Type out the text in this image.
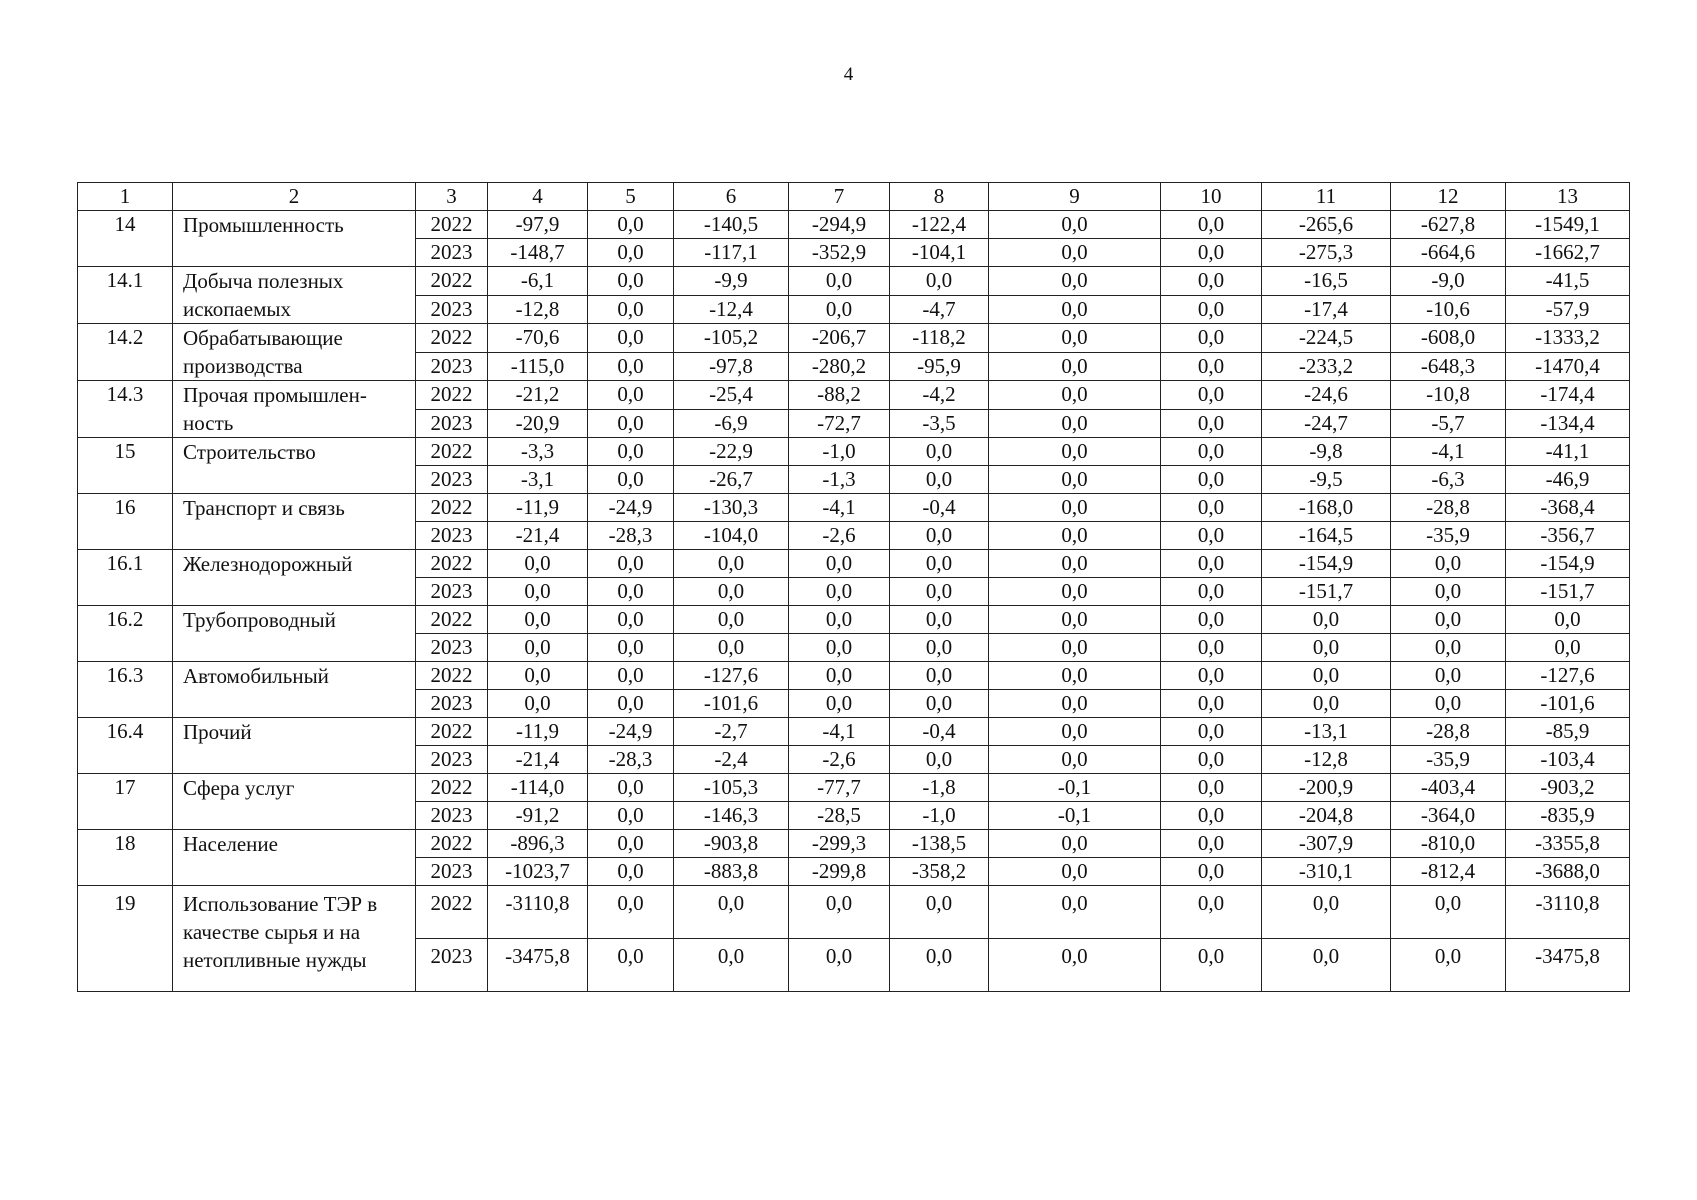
4
1	2	3	4	5	6	7	8	9	10	11	12	13
14	Промышленность	2022	-97,9	0,0	-140,5	-294,9	-122,4	0,0	0,0	-265,6	-627,8	-1549,1
		2023	-148,7	0,0	-117,1	-352,9	-104,1	0,0	0,0	-275,3	-664,6	-1662,7
14.1	Добыча полезных ископаемых	2022	-6,1	0,0	-9,9	0,0	0,0	0,0	0,0	-16,5	-9,0	-41,5
		2023	-12,8	0,0	-12,4	0,0	-4,7	0,0	0,0	-17,4	-10,6	-57,9
14.2	Обрабатывающие производства	2022	-70,6	0,0	-105,2	-206,7	-118,2	0,0	0,0	-224,5	-608,0	-1333,2
		2023	-115,0	0,0	-97,8	-280,2	-95,9	0,0	0,0	-233,2	-648,3	-1470,4
14.3	Прочая промышлен-ность	2022	-21,2	0,0	-25,4	-88,2	-4,2	0,0	0,0	-24,6	-10,8	-174,4
		2023	-20,9	0,0	-6,9	-72,7	-3,5	0,0	0,0	-24,7	-5,7	-134,4
15	Строительство	2022	-3,3	0,0	-22,9	-1,0	0,0	0,0	0,0	-9,8	-4,1	-41,1
		2023	-3,1	0,0	-26,7	-1,3	0,0	0,0	0,0	-9,5	-6,3	-46,9
16	Транспорт и связь	2022	-11,9	-24,9	-130,3	-4,1	-0,4	0,0	0,0	-168,0	-28,8	-368,4
		2023	-21,4	-28,3	-104,0	-2,6	0,0	0,0	0,0	-164,5	-35,9	-356,7
16.1	Железнодорожный	2022	0,0	0,0	0,0	0,0	0,0	0,0	0,0	-154,9	0,0	-154,9
		2023	0,0	0,0	0,0	0,0	0,0	0,0	0,0	-151,7	0,0	-151,7
16.2	Трубопроводный	2022	0,0	0,0	0,0	0,0	0,0	0,0	0,0	0,0	0,0	0,0
		2023	0,0	0,0	0,0	0,0	0,0	0,0	0,0	0,0	0,0	0,0
16.3	Автомобильный	2022	0,0	0,0	-127,6	0,0	0,0	0,0	0,0	0,0	0,0	-127,6
		2023	0,0	0,0	-101,6	0,0	0,0	0,0	0,0	0,0	0,0	-101,6
16.4	Прочий	2022	-11,9	-24,9	-2,7	-4,1	-0,4	0,0	0,0	-13,1	-28,8	-85,9
		2023	-21,4	-28,3	-2,4	-2,6	0,0	0,0	0,0	-12,8	-35,9	-103,4
17	Сфера услуг	2022	-114,0	0,0	-105,3	-77,7	-1,8	-0,1	0,0	-200,9	-403,4	-903,2
		2023	-91,2	0,0	-146,3	-28,5	-1,0	-0,1	0,0	-204,8	-364,0	-835,9
18	Население	2022	-896,3	0,0	-903,8	-299,3	-138,5	0,0	0,0	-307,9	-810,0	-3355,8
		2023	-1023,7	0,0	-883,8	-299,8	-358,2	0,0	0,0	-310,1	-812,4	-3688,0
19	Использование ТЭР в качестве сырья и на нетопливные нужды	2022	-3110,8	0,0	0,0	0,0	0,0	0,0	0,0	0,0	0,0	-3110,8
		2023	-3475,8	0,0	0,0	0,0	0,0	0,0	0,0	0,0	0,0	-3475,8
